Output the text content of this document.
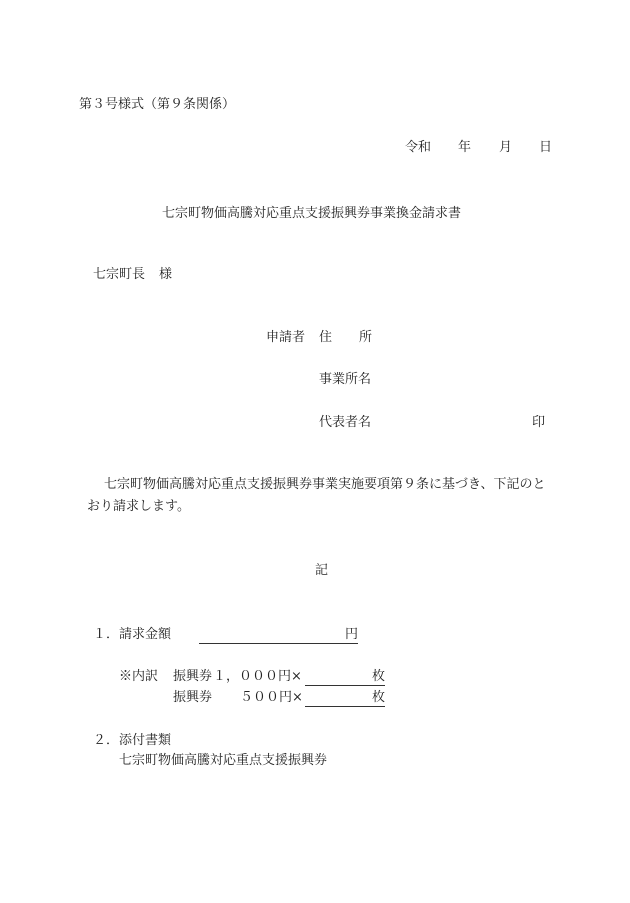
第３号様式（第９条関係）
令和 年 月 日
七宗町物価高騰対応重点支援振興券事業換金請求書
七宗町長 様
申請者 住 所
事業所名
代表者名	印
七宗町物価高騰対応重点支援振興券事業実施要項第９条に基づき、下記のと
おり請求します。
記
１． 請求金額	円
※内訳 振興券 １，０００円×	枚
振興券 ５００円×	枚
２． 添付書類
七宗町物価高騰対応重点支援振興券
